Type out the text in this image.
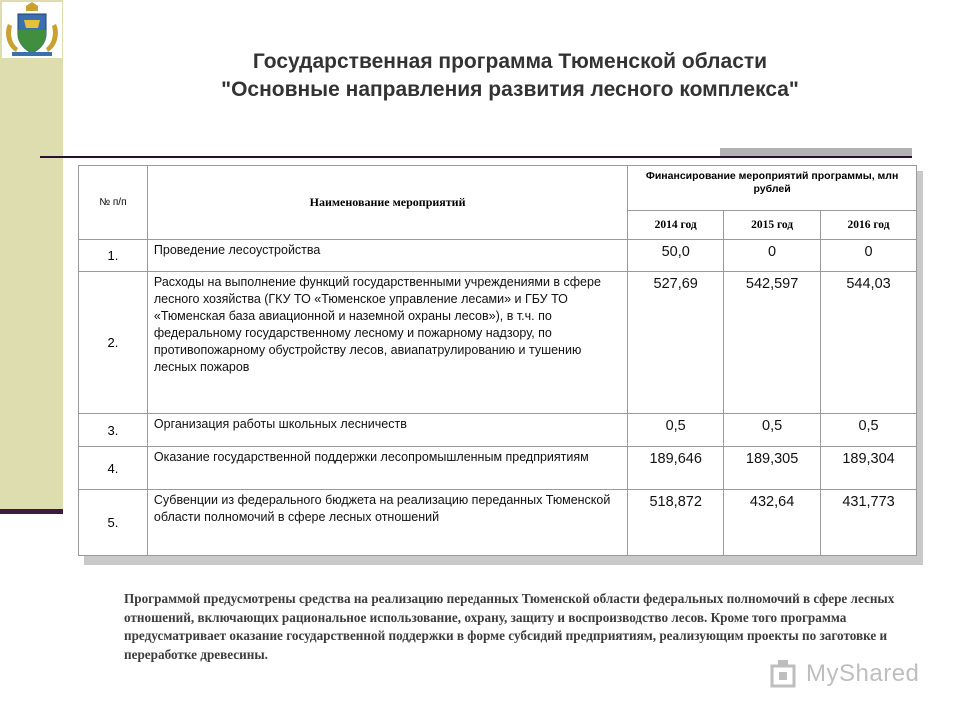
Государственная программа Тюменской области
"Основные направления развития лесного комплекса"
№ п/п	Наименование мероприятий	Финансирование мероприятий программы, млн рублей		
		2014 год	2015 год	2016 год
1.	Проведение лесоустройства	50,0	0	0
2.	Расходы на выполнение функций государственными учреждениями в сфере лесного хозяйства (ГКУ ТО «Тюменское управление лесами» и ГБУ ТО «Тюменская база авиационной и наземной охраны лесов»), в т.ч. по федеральному государственному лесному и пожарному надзору, по противопожарному обустройству лесов, авиапатрулированию и тушению лесных пожаров	527,69	542,597	544,03
3.	Организация работы школьных лесничеств	0,5	0,5	0,5
4.	Оказание государственной поддержки лесопромышленным предприятиям	189,646	189,305	189,304
5.	Субвенции из федерального бюджета на реализацию переданных Тюменской области полномочий в сфере лесных отношений	518,872	432,64	431,773
Программой предусмотрены средства на реализацию переданных Тюменской области федеральных полномочий в сфере лесных отношений, включающих рациональное использование, охрану, защиту и воспроизводство лесов. Кроме того программа предусматривает оказание государственной поддержки в форме субсидий предприятиям, реализующим проекты по заготовке и переработке древесины.
MyShared
